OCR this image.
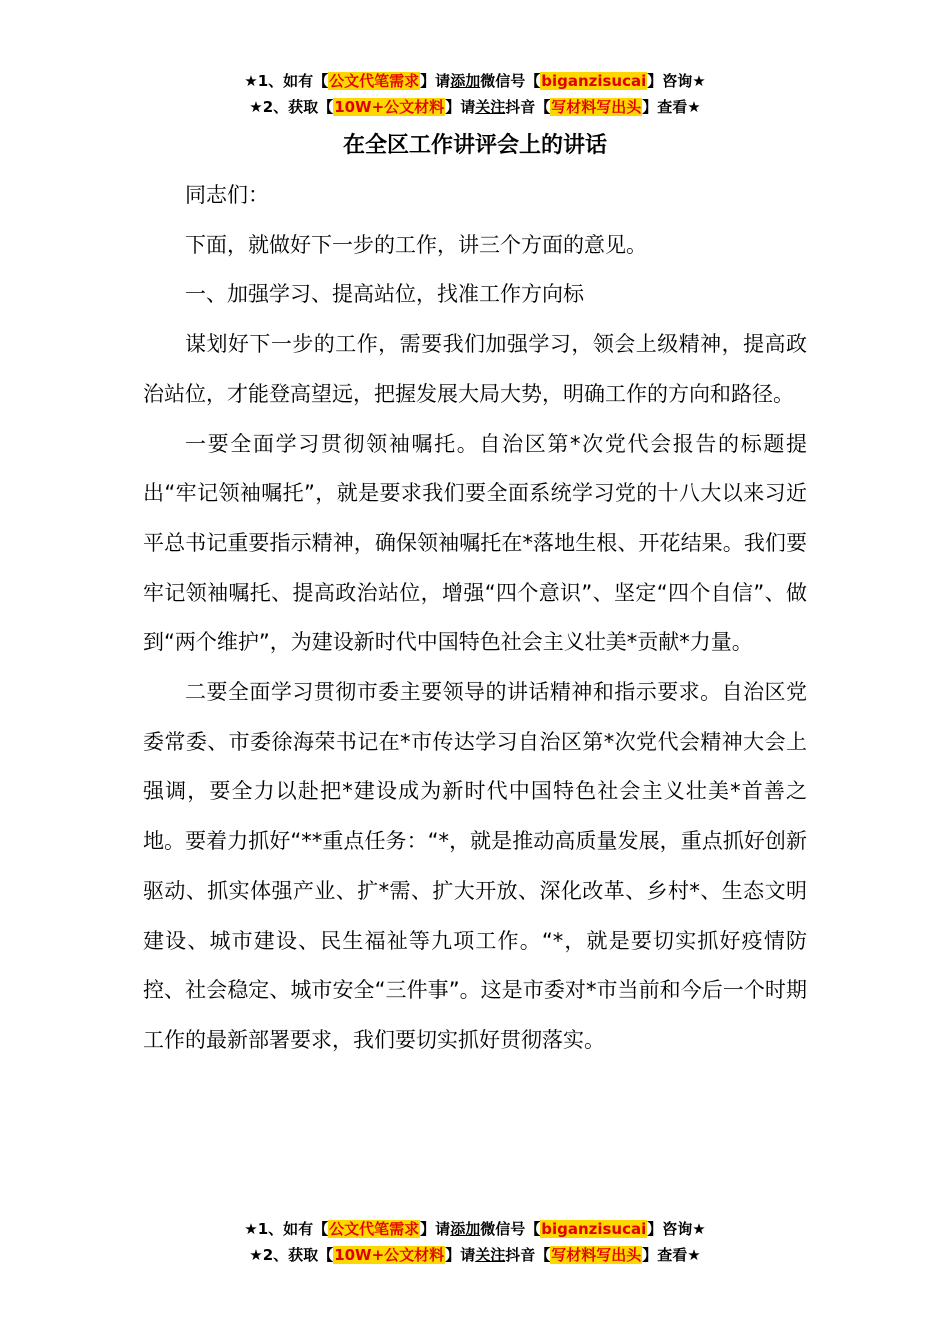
★1、如有【公文代笔需求】请添加微信号【biganzisucai】咨询★
★2、获取【10W+公文材料】请关注抖音【写材料写出头】查看★
在全区工作讲评会上的讲话

同志们：

下面，就做好下一步的工作，讲三个方面的意见。

一、加强学习、提高站位，找准工作方向标

谋划好下一步的工作，需要我们加强学习，领会上级精神，提高政治站位，才能登高望远，把握发展大局大势，明确工作的方向和路径。

一要全面学习贯彻领袖嘱托。自治区第*次党代会报告的标题提出“牢记领袖嘱托”，就是要求我们要全面系统学习党的十八大以来习近平总书记重要指示精神，确保领袖嘱托在*落地生根、开花结果。我们要牢记领袖嘱托、提高政治站位，增强“四个意识”、坚定“四个自信”、做到“两个维护”，为建设新时代中国特色社会主义壮美*贡献*力量。

二要全面学习贯彻市委主要领导的讲话精神和指示要求。自治区党委常委、市委徐海荣书记在*市传达学习自治区第*次党代会精神大会上强调，要全力以赴把*建设成为新时代中国特色社会主义壮美*首善之地。要着力抓好“**重点任务：“*，就是推动高质量发展，重点抓好创新驱动、抓实体强产业、扩*需、扩大开放、深化改革、乡村*、生态文明建设、城市建设、民生福祉等九项工作。“*，就是要切实抓好疫情防控、社会稳定、城市安全“三件事”。这是市委对*市当前和今后一个时期工作的最新部署要求，我们要切实抓好贯彻落实。

★1、如有【公文代笔需求】请添加微信号【biganzisucai】咨询★
★2、获取【10W+公文材料】请关注抖音【写材料写出头】查看★
